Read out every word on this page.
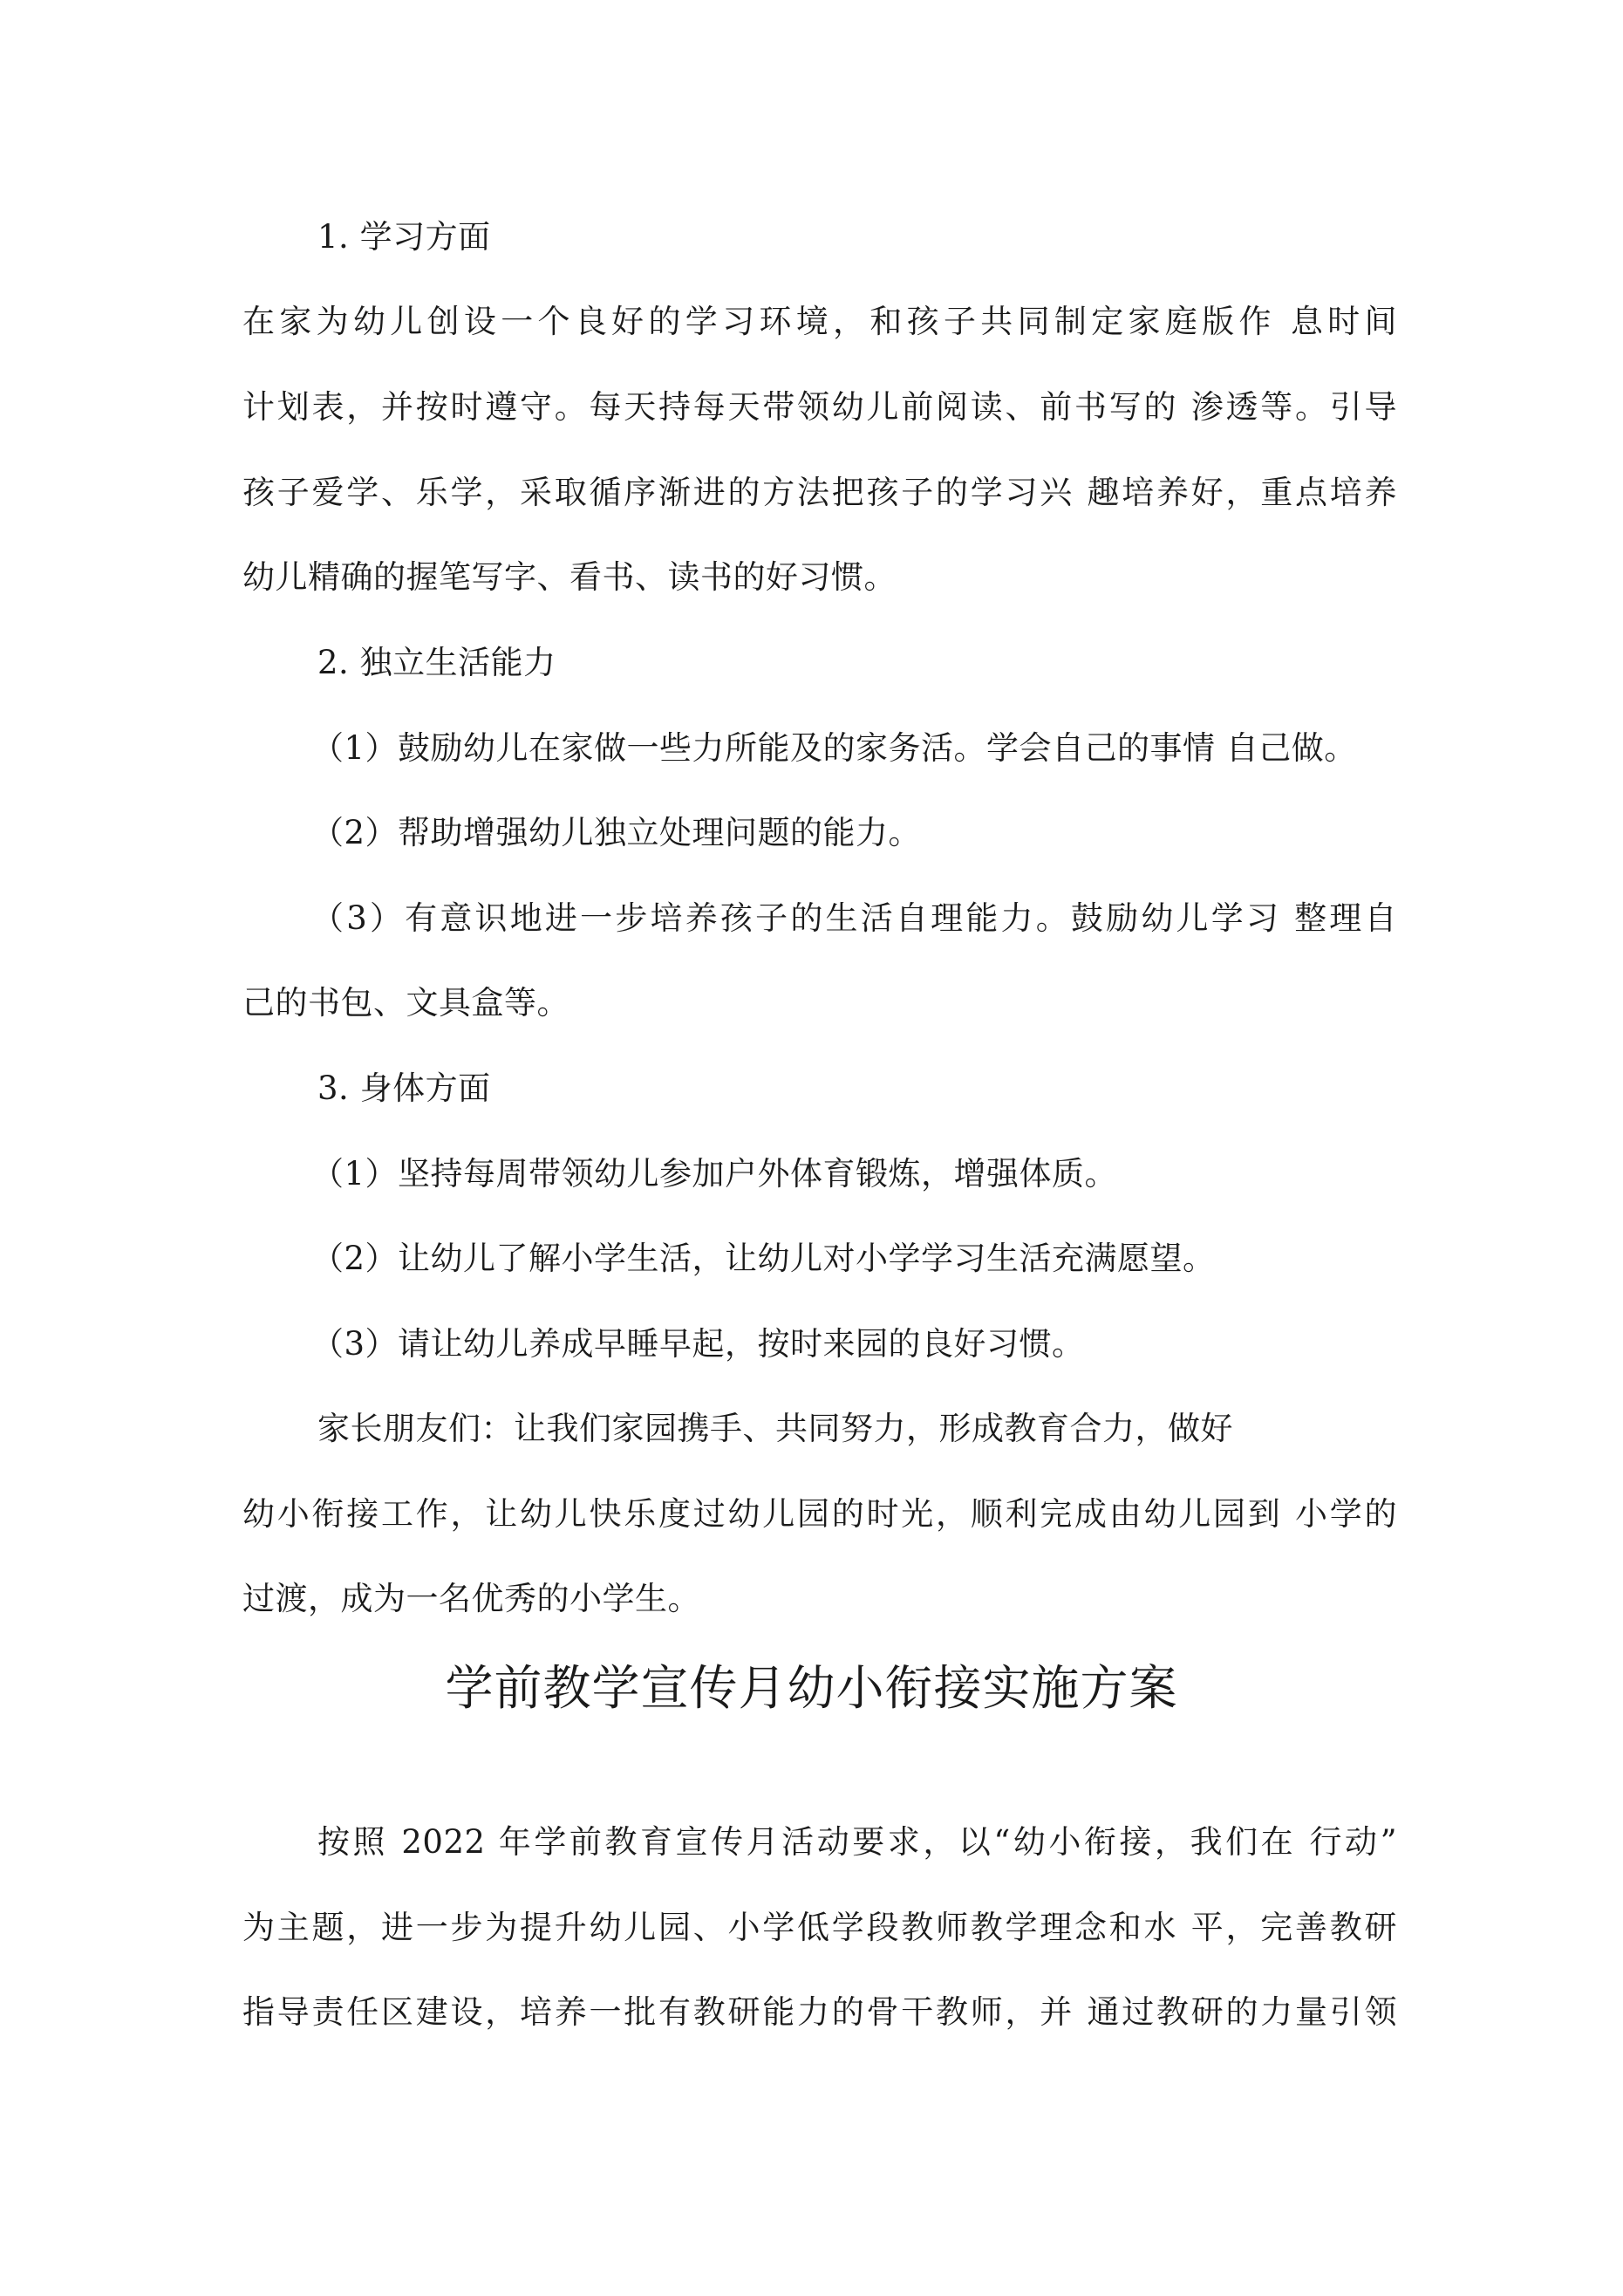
1. 学习方面
在家为幼儿创设一个良好的学习环境，和孩子共同制定家庭版作 息时间
计划表，并按时遵守。每天持每天带领幼儿前阅读、前书写的 渗透等。引导
孩子爱学、乐学，采取循序渐进的方法把孩子的学习兴 趣培养好，重点培养
幼儿精确的握笔写字、看书、读书的好习惯。
2. 独立生活能力
（1）鼓励幼儿在家做一些力所能及的家务活。学会自己的事情 自己做。
（2）帮助增强幼儿独立处理问题的能力。
（3）有意识地进一步培养孩子的生活自理能力。鼓励幼儿学习 整理自
己的书包、文具盒等。
3. 身体方面
（1）坚持每周带领幼儿参加户外体育锻炼，增强体质。
（2）让幼儿了解小学生活，让幼儿对小学学习生活充满愿望。
（3）请让幼儿养成早睡早起，按时来园的良好习惯。
家长朋友们：让我们家园携手、共同努力，形成教育合力，做好
幼小衔接工作，让幼儿快乐度过幼儿园的时光，顺利完成由幼儿园到 小学的
过渡，成为一名优秀的小学生。
学前教学宣传月幼小衔接实施方案
按照 2022 年学前教育宣传月活动要求，以“幼小衔接，我们在 行动”
为主题，进一步为提升幼儿园、小学低学段教师教学理念和水 平，完善教研
指导责任区建设，培养一批有教研能力的骨干教师，并 通过教研的力量引领
